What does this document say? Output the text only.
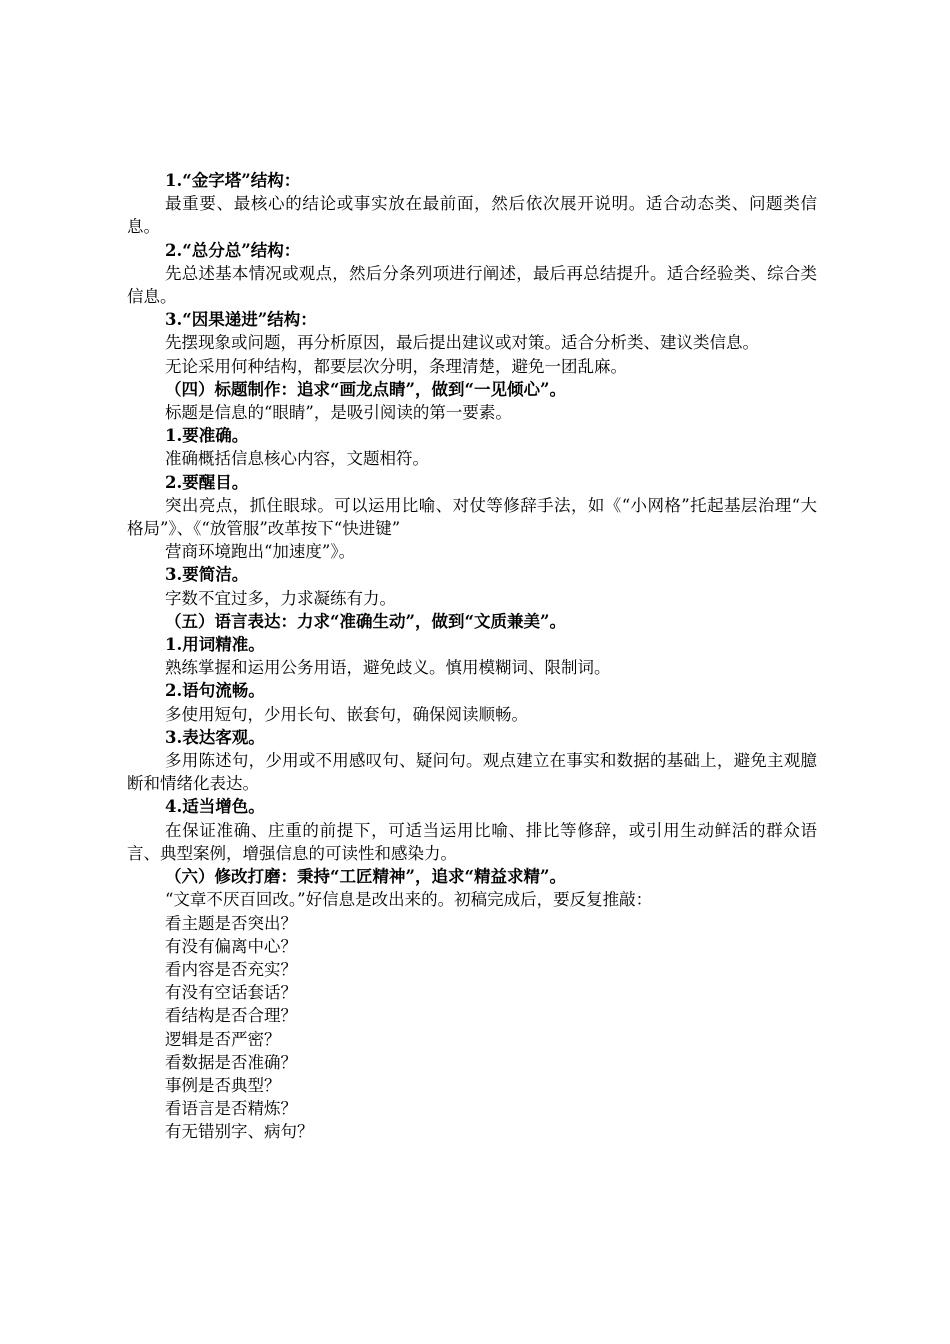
1.“金字塔”结构：

最重要、最核心的结论或事实放在最前面，然后依次展开说明。适合动态类、问题类信息。

2.“总分总”结构：

先总述基本情况或观点，然后分条列项进行阐述，最后再总结提升。适合经验类、综合类信息。

3.“因果递进”结构：

先摆现象或问题，再分析原因，最后提出建议或对策。适合分析类、建议类信息。

无论采用何种结构，都要层次分明，条理清楚，避免一团乱麻。

（四）标题制作：追求“画龙点睛”，做到“一见倾心”。

标题是信息的“眼睛”，是吸引阅读的第一要素。

1.要准确。

准确概括信息核心内容，文题相符。

2.要醒目。

突出亮点，抓住眼球。可以运用比喻、对仗等修辞手法，如《“小网格”托起基层治理“大格局”》、《“放管服”改革按下“快进键”

营商环境跑出“加速度”》。

3.要简洁。

字数不宜过多，力求凝练有力。

（五）语言表达：力求“准确生动”，做到“文质兼美”。

1.用词精准。

熟练掌握和运用公务用语，避免歧义。慎用模糊词、限制词。

2.语句流畅。

多使用短句，少用长句、嵌套句，确保阅读顺畅。

3.表达客观。

多用陈述句，少用或不用感叹句、疑问句。观点建立在事实和数据的基础上，避免主观臆断和情绪化表达。

4.适当增色。

在保证准确、庄重的前提下，可适当运用比喻、排比等修辞，或引用生动鲜活的群众语言、典型案例，增强信息的可读性和感染力。

（六）修改打磨：秉持“工匠精神”，追求“精益求精”。

“文章不厌百回改。”好信息是改出来的。初稿完成后，要反复推敲：

看主题是否突出？

有没有偏离中心？

看内容是否充实？

有没有空话套话？

看结构是否合理？

逻辑是否严密？

看数据是否准确？

事例是否典型？

看语言是否精炼？

有无错别字、病句？
